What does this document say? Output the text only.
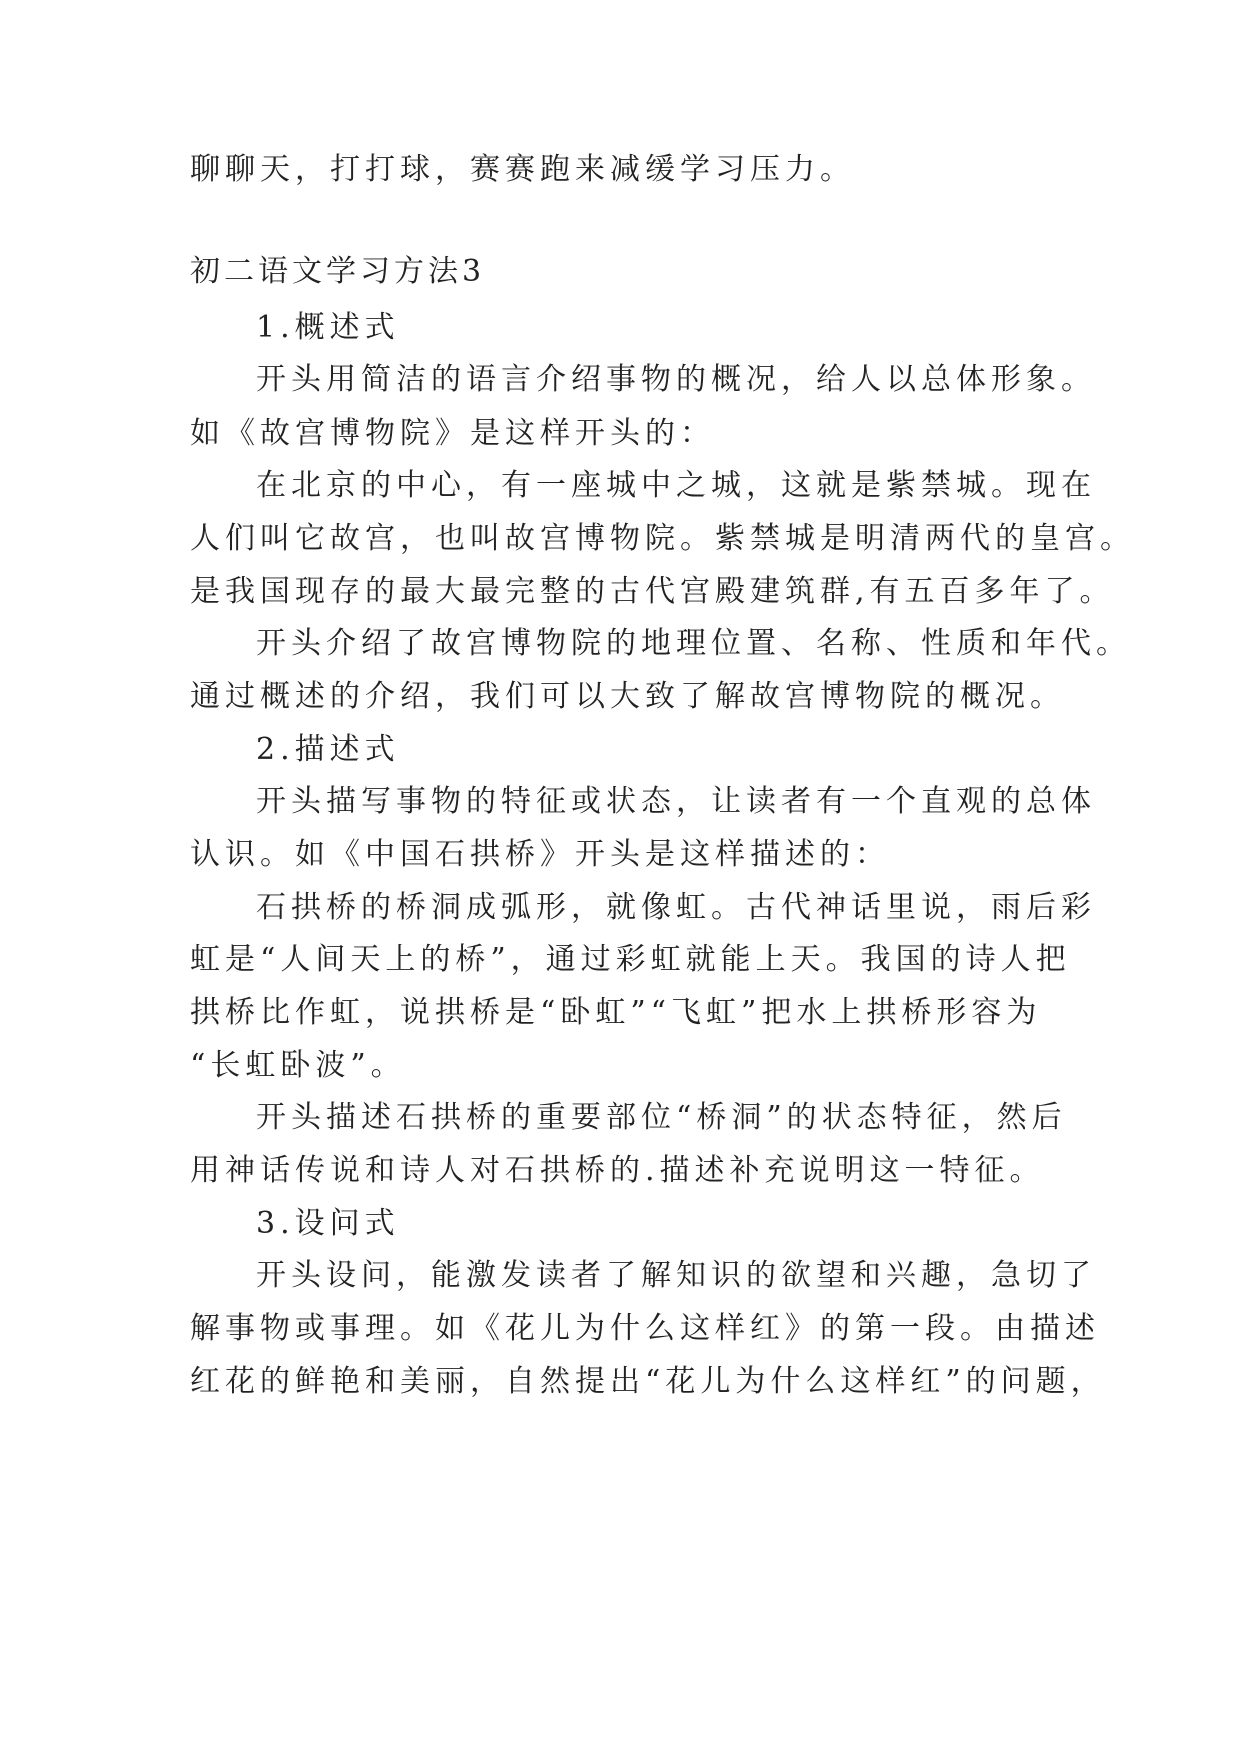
聊聊天，打打球，赛赛跑来减缓学习压力。
初二语文学习方法3
1.概述式
开头用简洁的语言介绍事物的概况，给人以总体形象。
如《故宫博物院》是这样开头的：
在北京的中心，有一座城中之城，这就是紫禁城。现在
人们叫它故宫，也叫故宫博物院。紫禁城是明清两代的皇宫。
是我国现存的最大最完整的古代宫殿建筑群,有五百多年了。
开头介绍了故宫博物院的地理位置、名称、性质和年代。
通过概述的介绍，我们可以大致了解故宫博物院的概况。
2.描述式
开头描写事物的特征或状态，让读者有一个直观的总体
认识。如《中国石拱桥》开头是这样描述的：
石拱桥的桥洞成弧形，就像虹。古代神话里说，雨后彩
虹是“人间天上的桥”，通过彩虹就能上天。我国的诗人把
拱桥比作虹，说拱桥是“卧虹”“飞虹”把水上拱桥形容为
“长虹卧波”。
开头描述石拱桥的重要部位“桥洞”的状态特征，然后
用神话传说和诗人对石拱桥的.描述补充说明这一特征。
3.设问式
开头设问，能激发读者了解知识的欲望和兴趣，急切了
解事物或事理。如《花儿为什么这样红》的第一段。由描述
红花的鲜艳和美丽，自然提出“花儿为什么这样红”的问题，
